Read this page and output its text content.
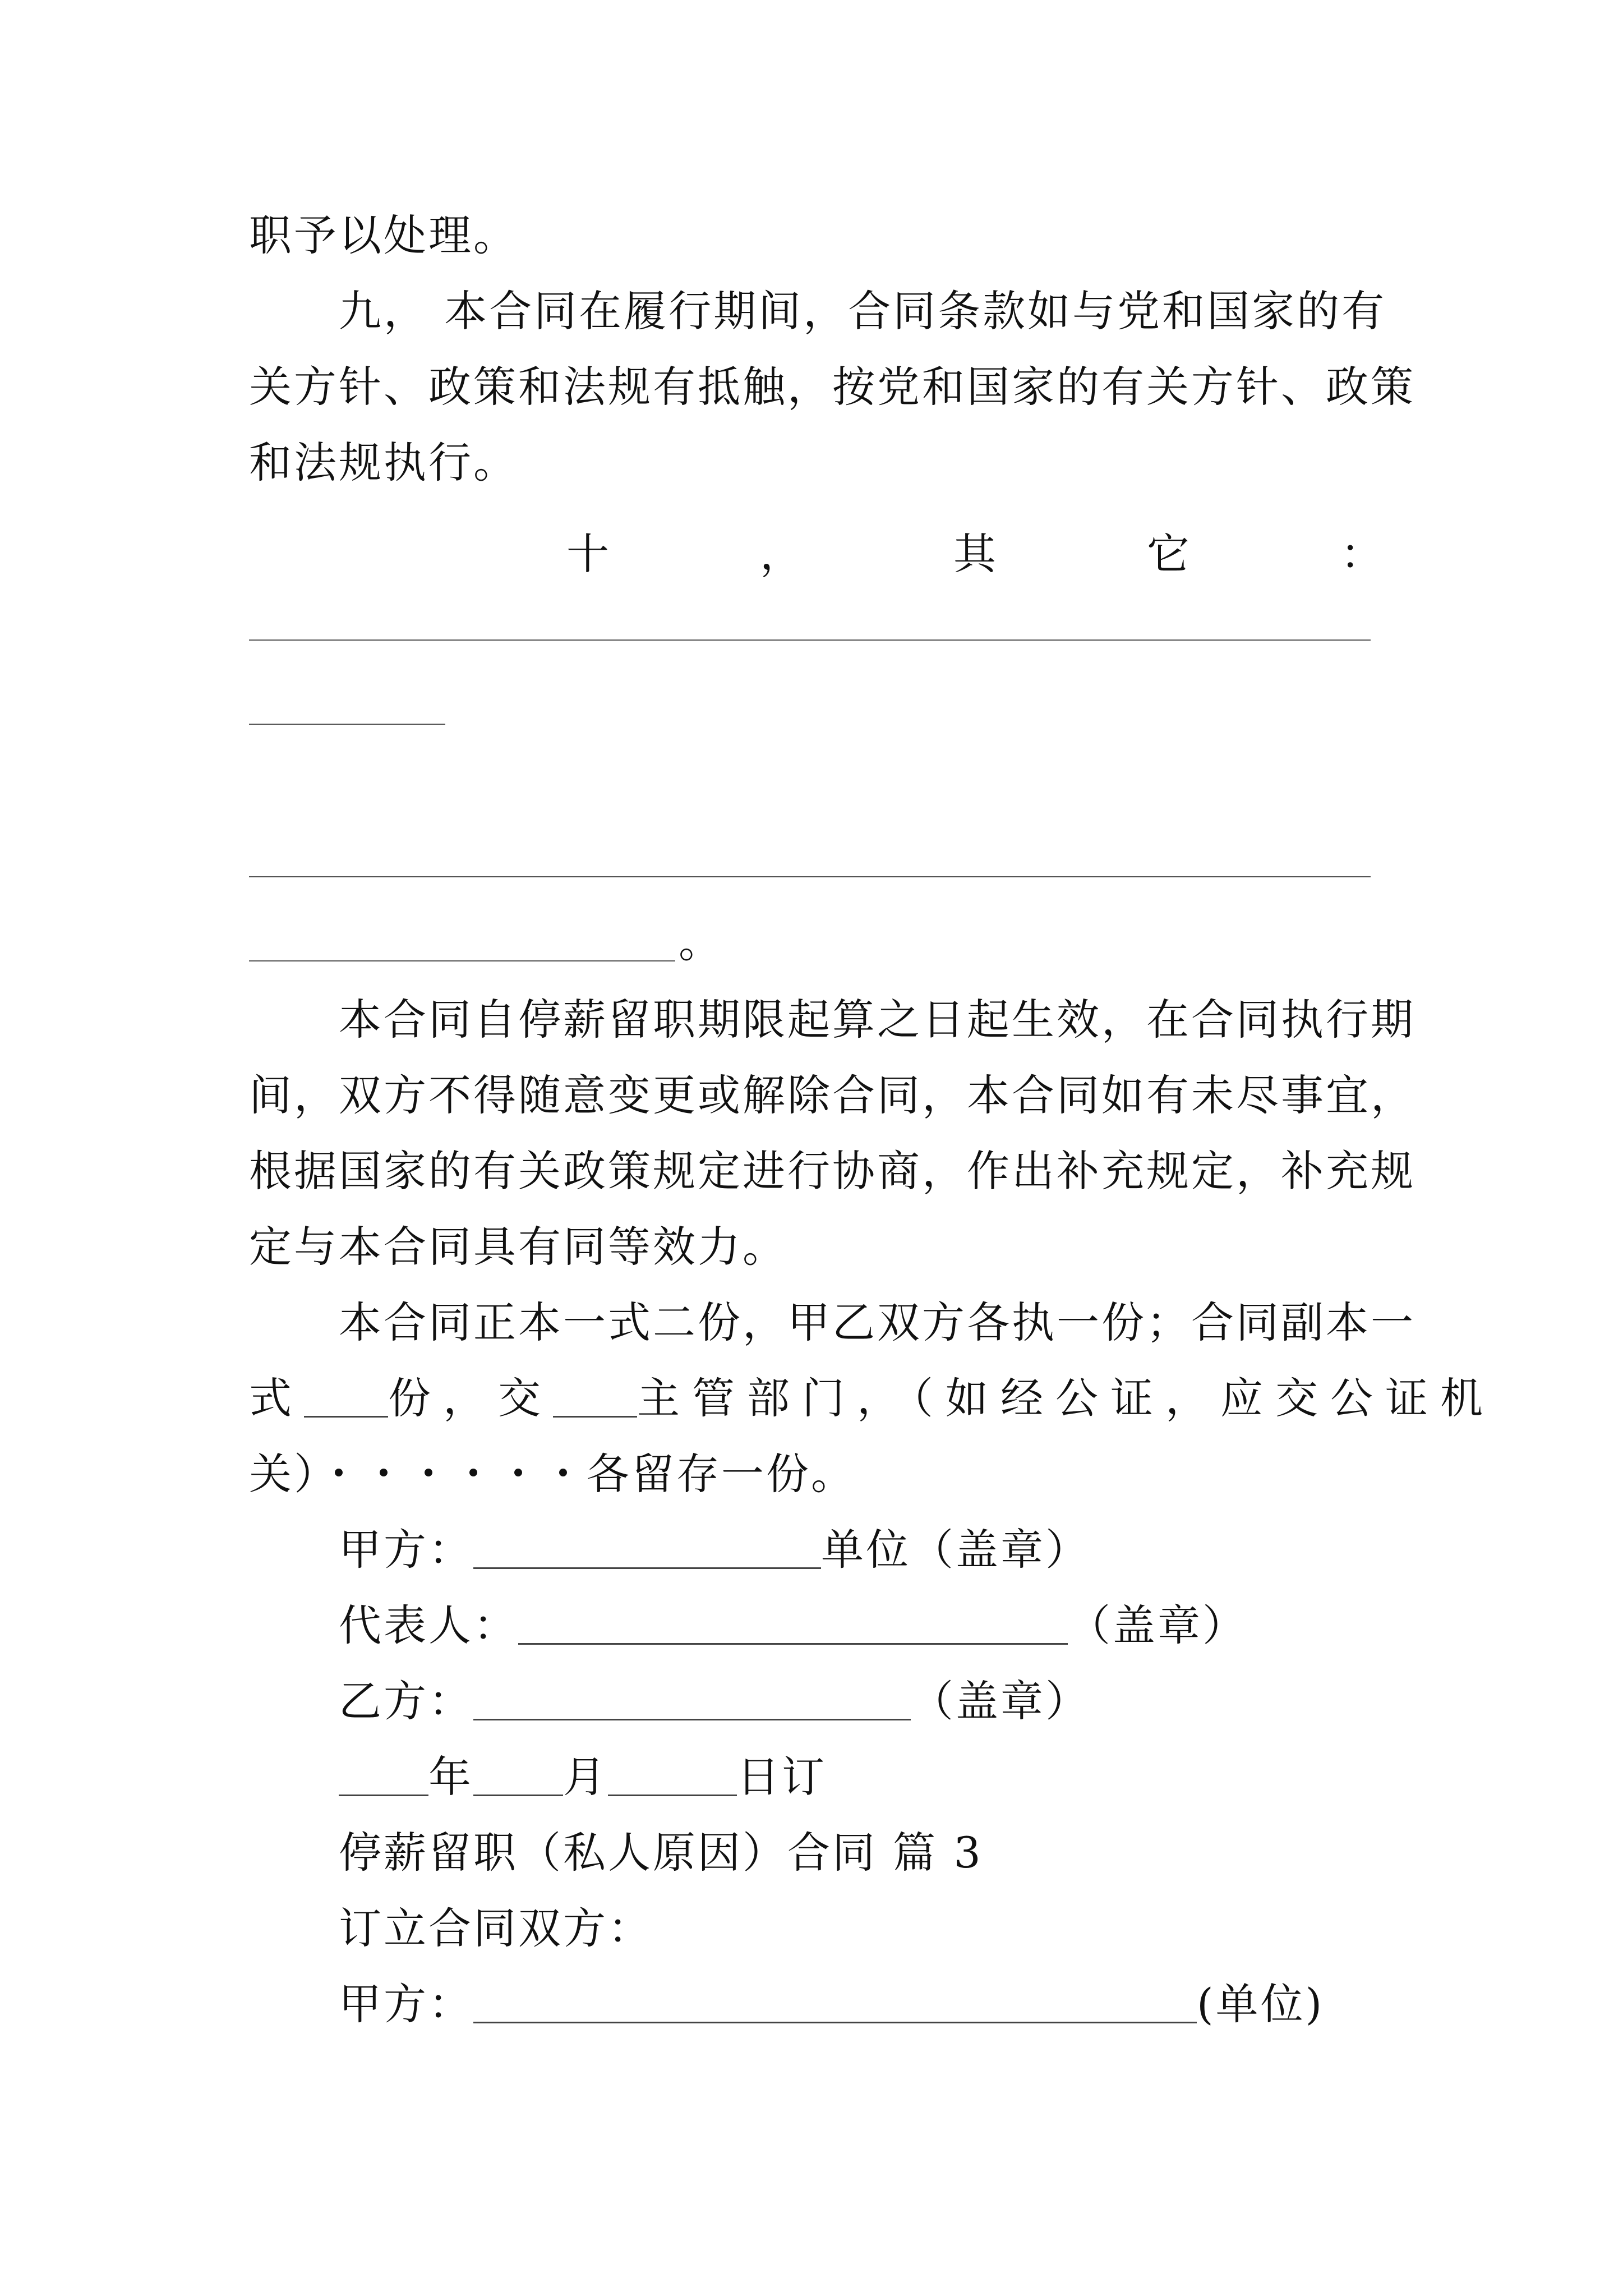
职予以处理。
九， 本合同在履行期间，合同条款如与党和国家的有
关方针、政策和法规有抵触，按党和国家的有关方针、政策
和法规执行。
十	，	其	它	：
。
本合同自停薪留职期限起算之日起生效，在合同执行期
间，双方不得随意变更或解除合同，本合同如有未尽事宜，
根据国家的有关政策规定进行协商，作出补充规定，补充规
定与本合同具有同等效力。
本合同正本一式二份，甲乙双方各执一份；合同副本一
式 份，交 主管部门，（如经公证，应交公证机
关）・・・・・・各留存一份。
甲方：	单位（盖章）
代表人：	（盖章）
乙方：	（盖章）
年 月	日订
停薪留职（私人原因）合同 篇 3
订立合同双方：
甲方：	(单位)
